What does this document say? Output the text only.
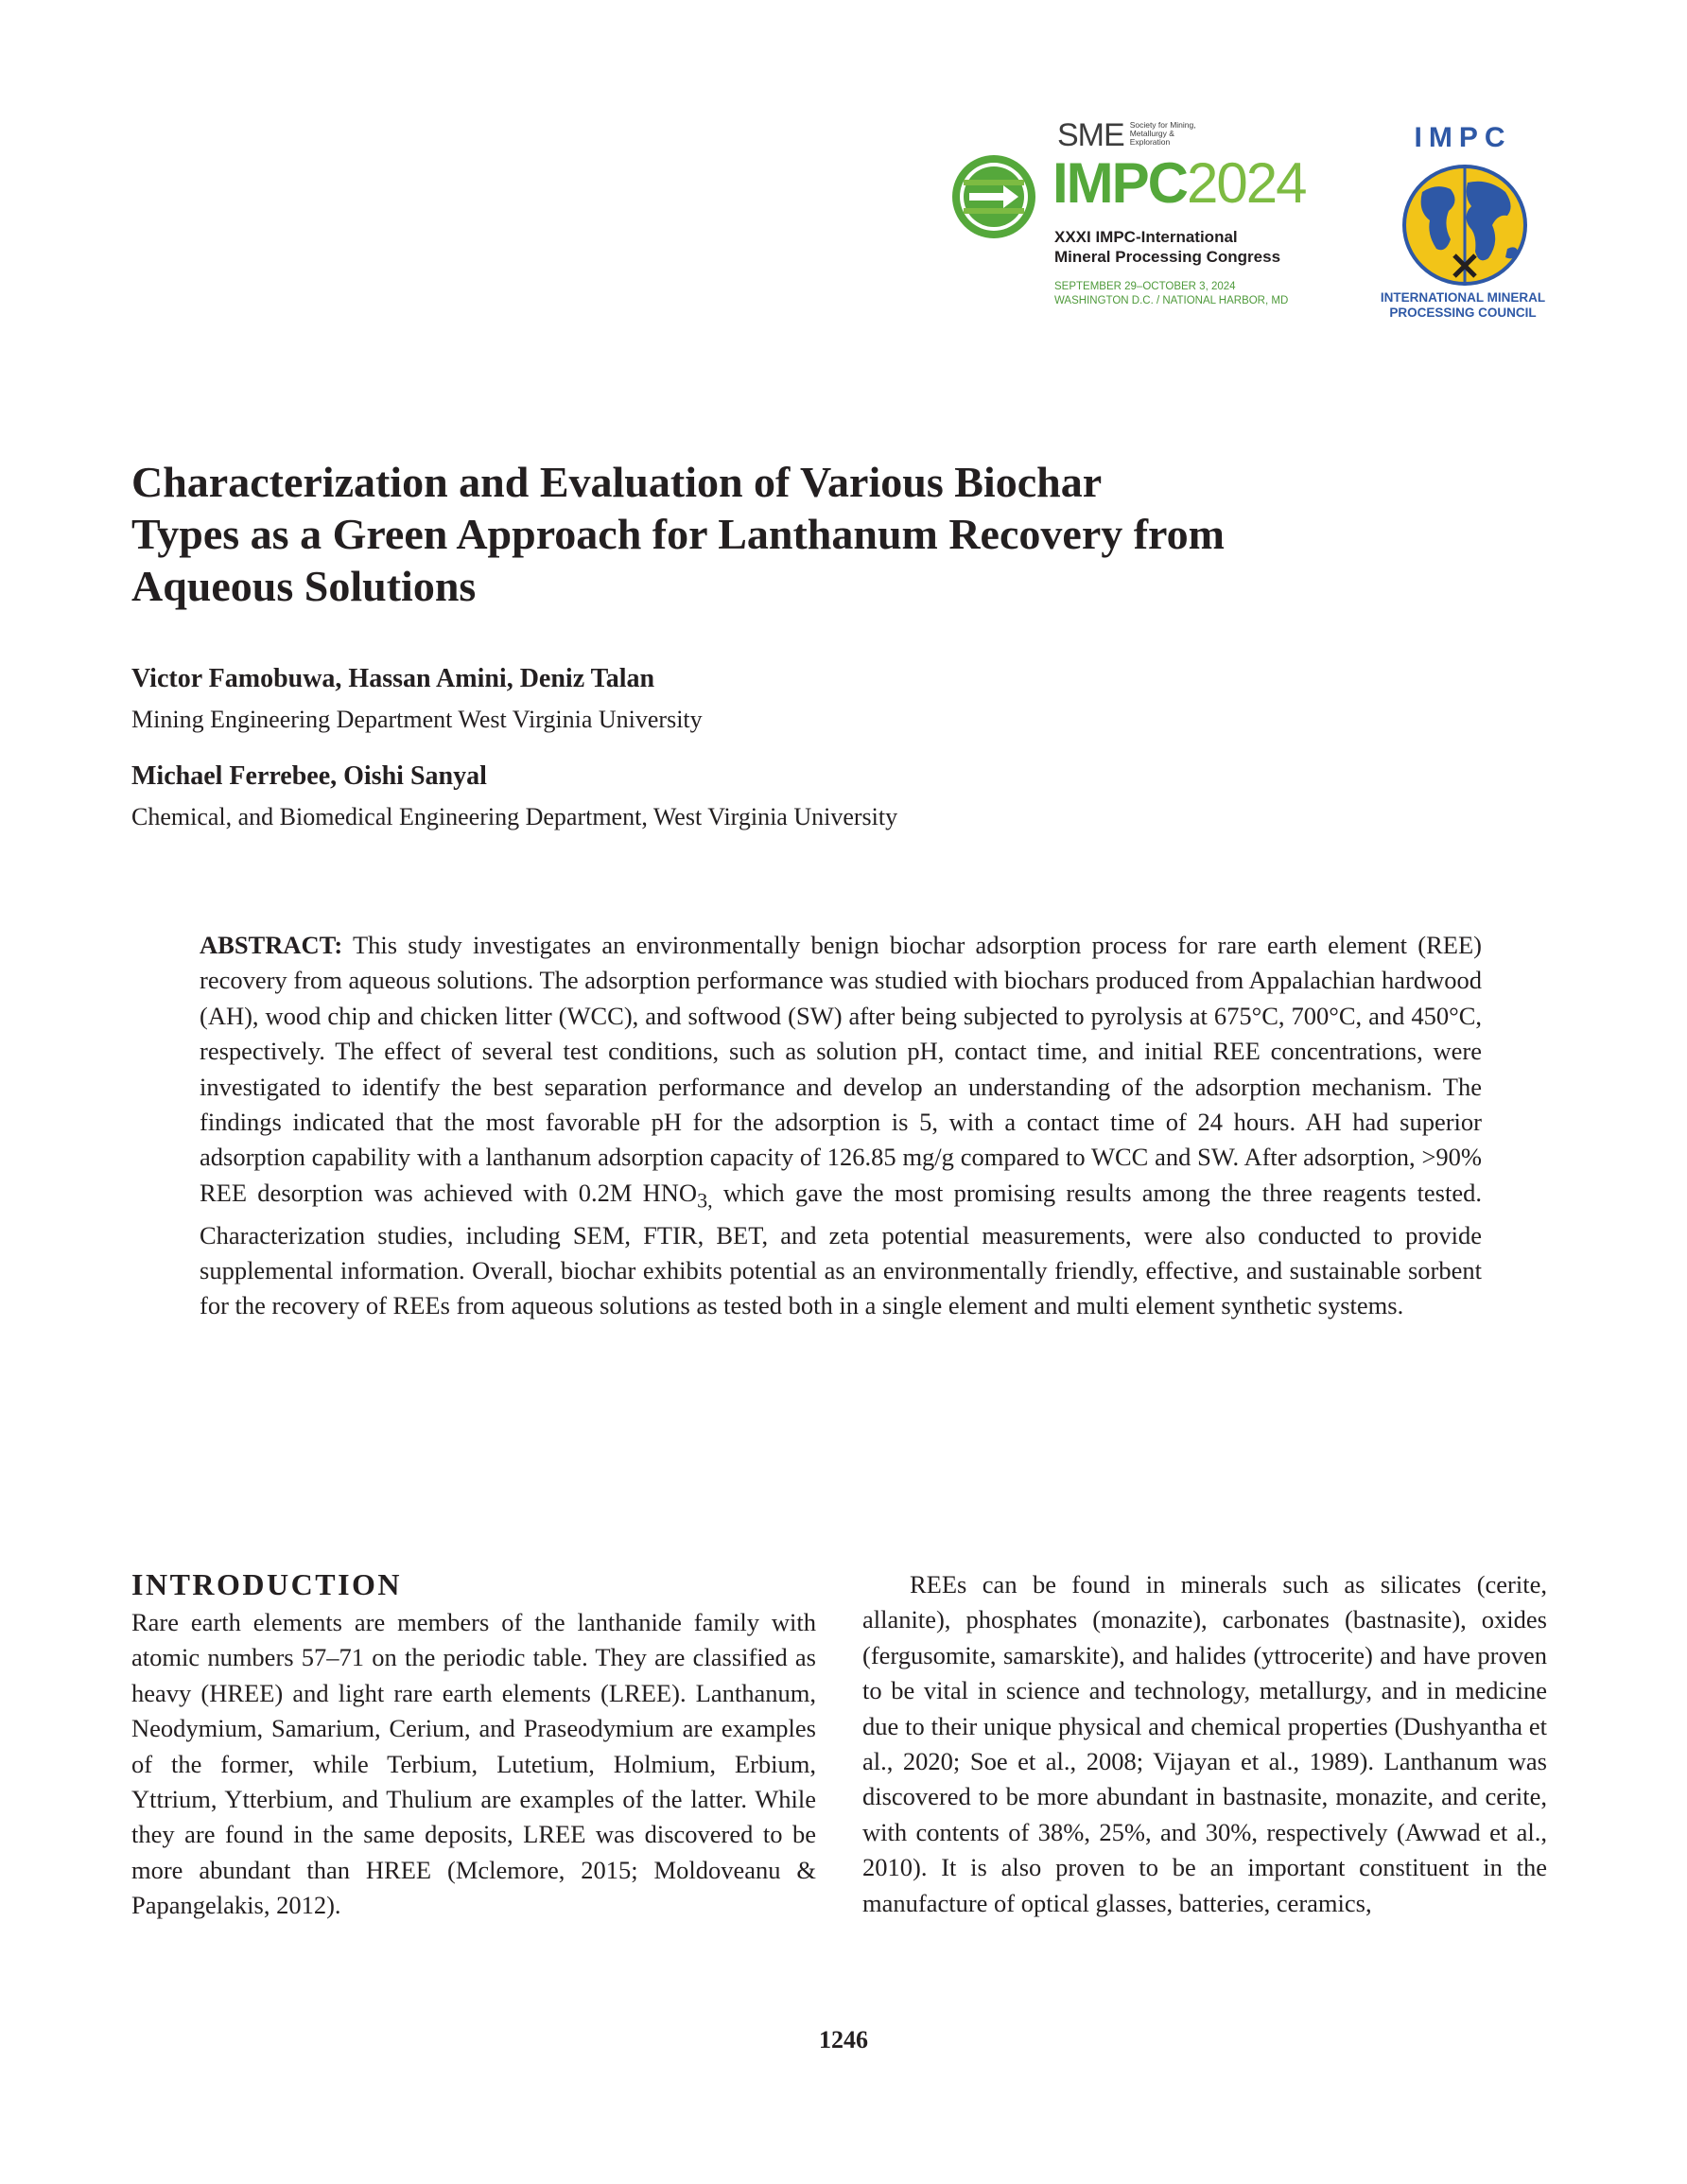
SME Society for Mining, Metallurgy & Exploration
IMPC2024
XXXI IMPC-International
Mineral Processing Congress
SEPTEMBER 29–OCTOBER 3, 2024
WASHINGTON D.C. / NATIONAL HARBOR, MD
IMPC
INTERNATIONAL MINERAL
PROCESSING COUNCIL
Characterization and Evaluation of Various Biochar
Types as a Green Approach for Lanthanum Recovery from
Aqueous Solutions
Victor Famobuwa, Hassan Amini, Deniz Talan
Mining Engineering Department West Virginia University
Michael Ferrebee, Oishi Sanyal
Chemical, and Biomedical Engineering Department, West Virginia University

ABSTRACT: This study investigates an environmentally benign biochar adsorption process for rare earth element (REE) recovery from aqueous solutions. The adsorption performance was studied with biochars produced from Appalachian hardwood (AH), wood chip and chicken litter (WCC), and softwood (SW) after being subjected to pyrolysis at 675°C, 700°C, and 450°C, respectively. The effect of several test conditions, such as solution pH, contact time, and initial REE concentrations, were investigated to identify the best separation performance and develop an understanding of the adsorption mechanism. The findings indicated that the most favorable pH for the adsorption is 5, with a contact time of 24 hours. AH had superior adsorption capability with a lanthanum adsorption capacity of 126.85 mg/g compared to WCC and SW. After adsorption, >90% REE desorption was achieved with 0.2M $HNO_{3,}$ which gave the most promising results among the three reagents tested. Characterization studies, including SEM, FTIR, BET, and zeta potential measurements, were also conducted to provide supplemental information. Overall, biochar exhibits potential as an environmentally friendly, effective, and sustainable sorbent for the recovery of REEs from aqueous solutions as tested both in a single element and multi element synthetic systems.

INTRODUCTION

Rare earth elements are members of the lanthanide family with atomic numbers 57–71 on the periodic table. They are classified as heavy (HREE) and light rare earth elements (LREE). Lanthanum, Neodymium, Samarium, Cerium, and Praseodymium are examples of the former, while Terbium, Lutetium, Holmium, Erbium, Yttrium, Ytterbium, and Thulium are examples of the latter. While they are found in the same deposits, LREE was discovered to be more abundant than HREE (Mclemore, 2015; Moldoveanu & Papangelakis, 2012).

REEs can be found in minerals such as silicates (cerite, allanite), phosphates (monazite), carbonates (bastnasite), oxides (fergusomite, samarskite), and halides (yttrocerite) and have proven to be vital in science and technology, metallurgy, and in medicine due to their unique physical and chemical properties (Dushyantha et al., 2020; Soe et al., 2008; Vijayan et al., 1989). Lanthanum was discovered to be more abundant in bastnasite, monazite, and cerite, with contents of 38%, 25%, and 30%, respectively (Awwad et al., 2010). It is also proven to be an important constituent in the manufacture of optical glasses, batteries, ceramics,

1246
